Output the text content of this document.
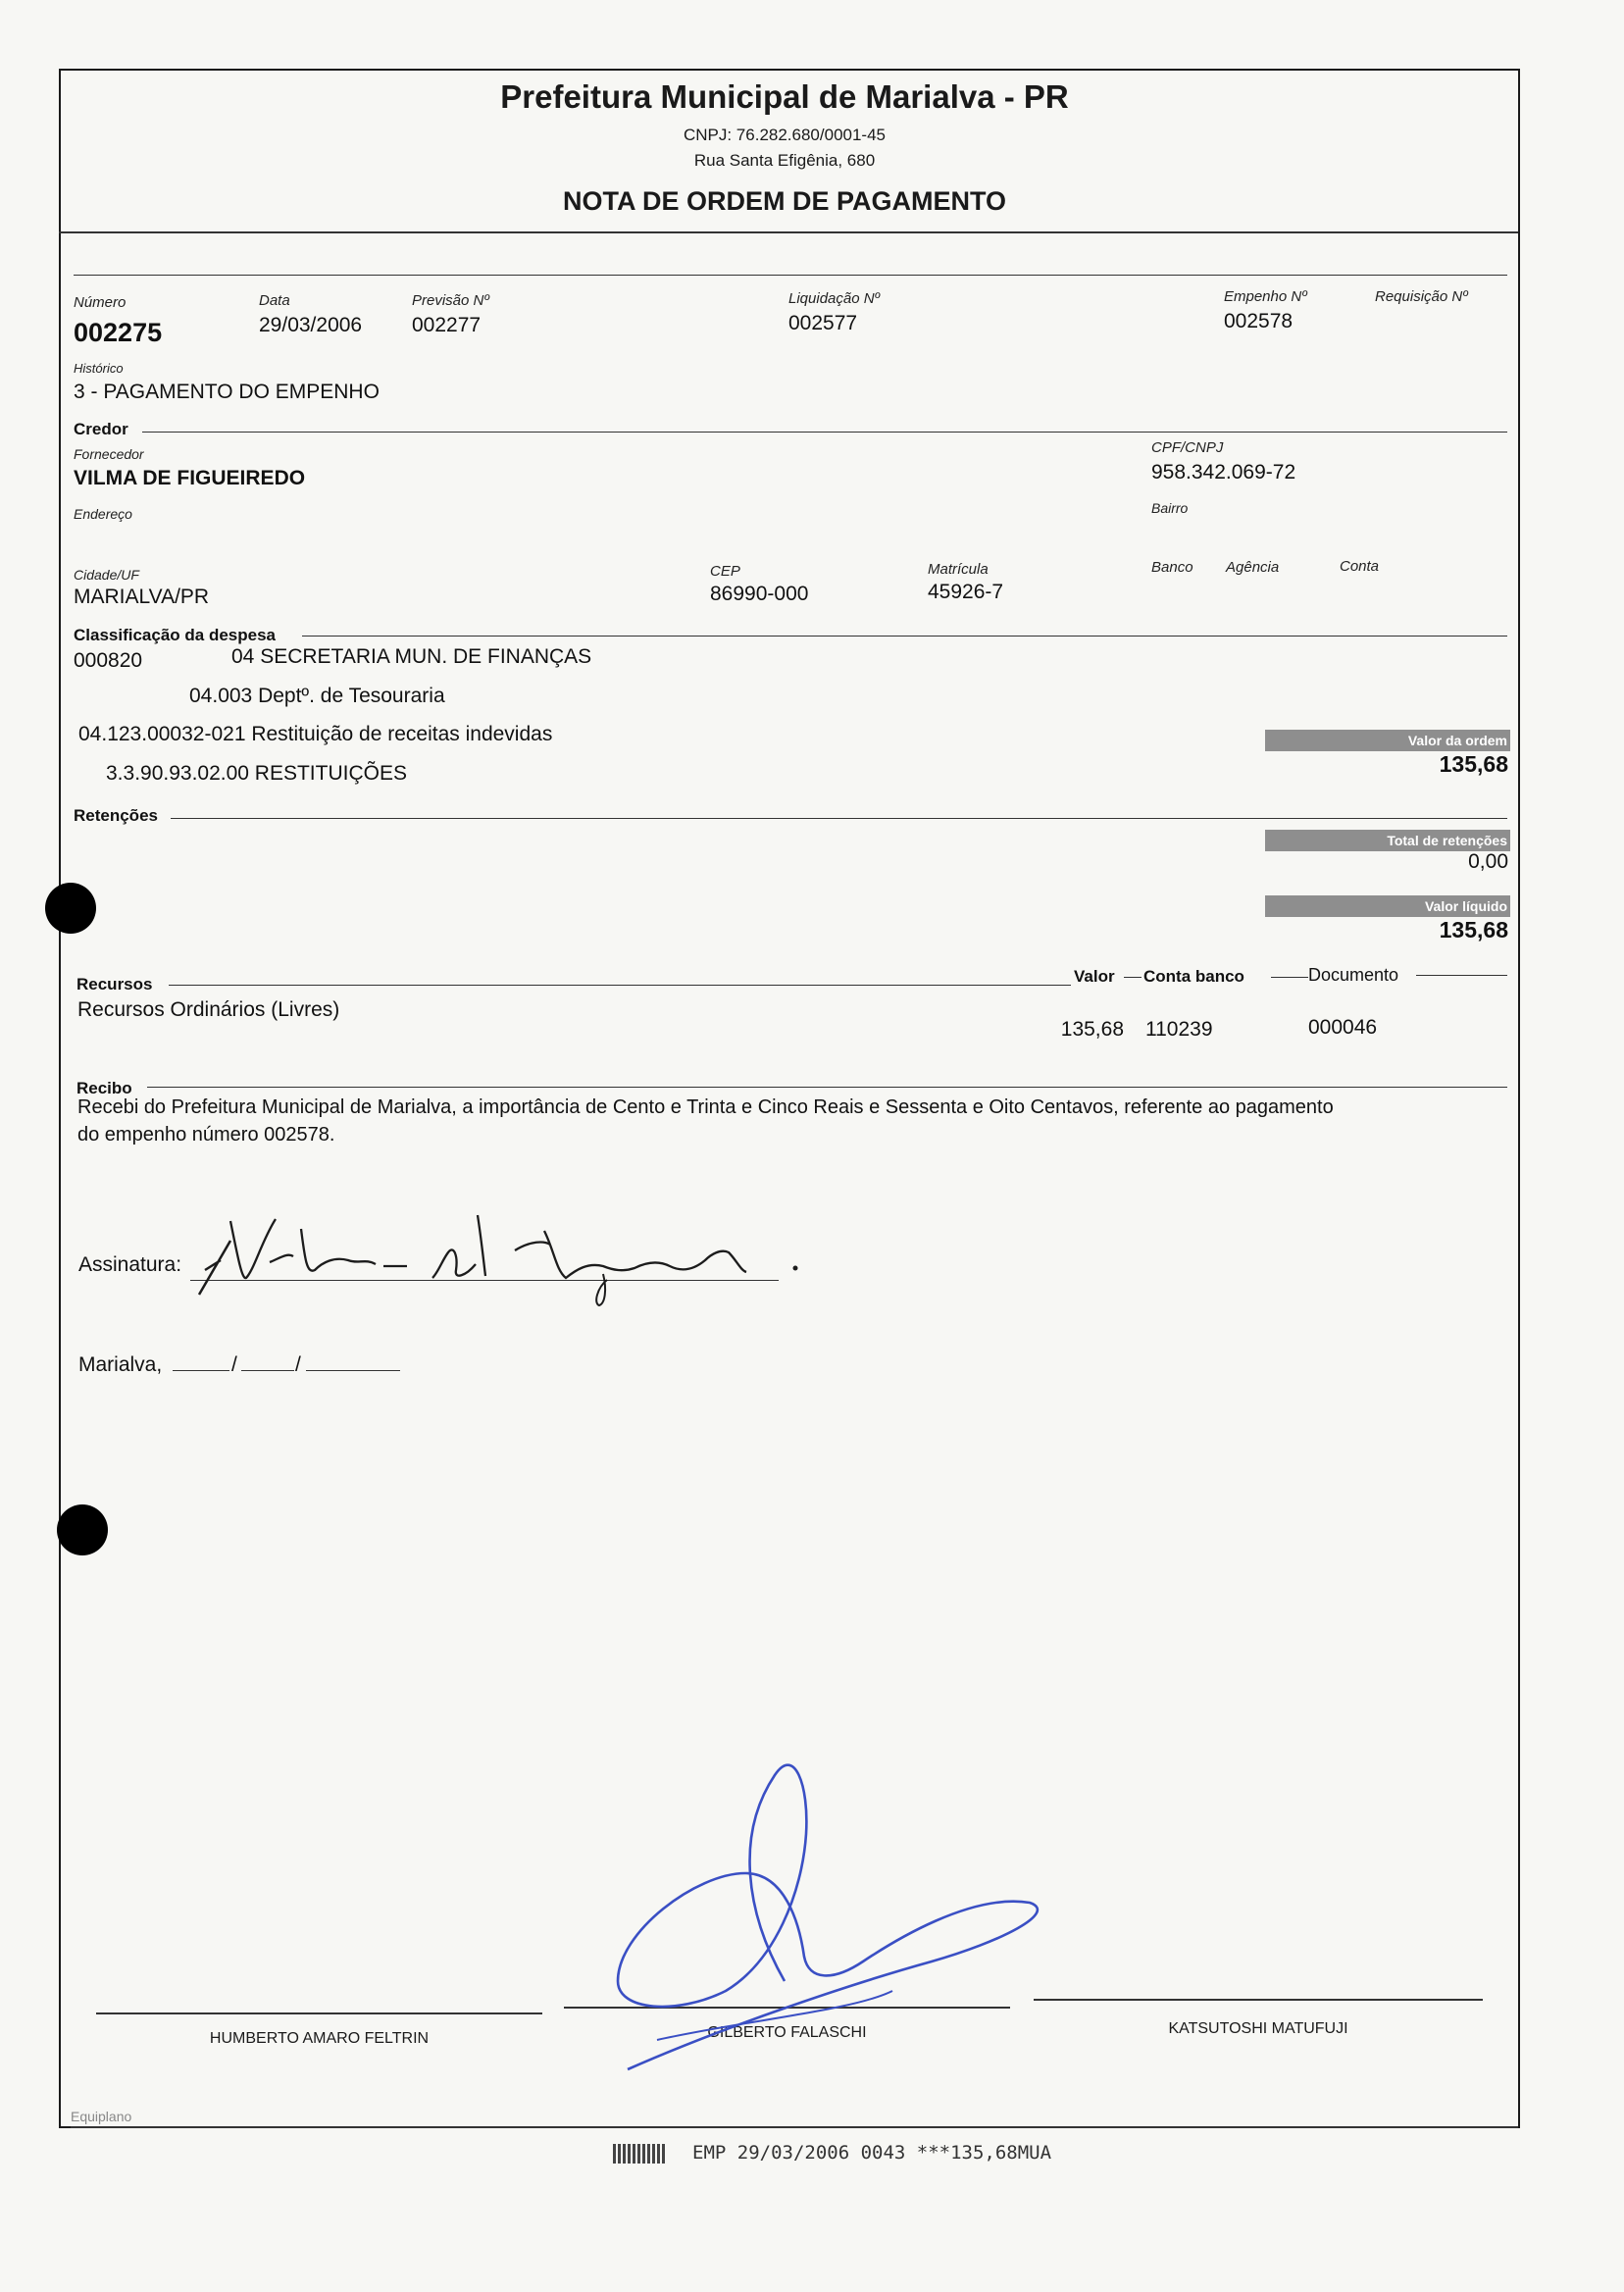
Prefeitura Municipal de Marialva - PR
CNPJ: 76.282.680/0001-45
Rua Santa Efigênia, 680
NOTA DE ORDEM DE PAGAMENTO
Número
002275
Data
29/03/2006
Previsão Nº
002277
Liquidação Nº
002577
Empenho Nº
002578
Requisição Nº
Histórico
3 - PAGAMENTO DO EMPENHO
Credor
Fornecedor
VILMA DE FIGUEIREDO
CPF/CNPJ
958.342.069-72
Endereço	Bairro
Cidade/UF
MARIALVA/PR
CEP
86990-000
Matrícula
45926-7
Banco Agência	Conta
Classificação da despesa
000820	04 SECRETARIA MUN. DE FINANÇAS
04.003 Deptº. de Tesouraria
04.123.00032-021 Restituição de receitas indevidas
3.3.90.93.02.00 RESTITUIÇÕES
Valor da ordem
135,68
Retenções
Total de retenções
0,00
Valor líquido
135,68
Recursos	Valor Conta banco	Documento
Recursos Ordinários (Livres)
135,68 110239	000046
Recibo
Recebi do Prefeitura Municipal de Marialva, a importância de Cento e Trinta e Cinco Reais e Sessenta e Oito Centavos, referente ao pagamento
do empenho número 002578.
Assinatura:
Marialva,	/	/
HUMBERTO AMARO FELTRIN	GILBERTO FALASCHI	KATSUTOSHI MATUFUJI
Equiplano
EMP 29/03/2006 0043 ***135,68MUA
